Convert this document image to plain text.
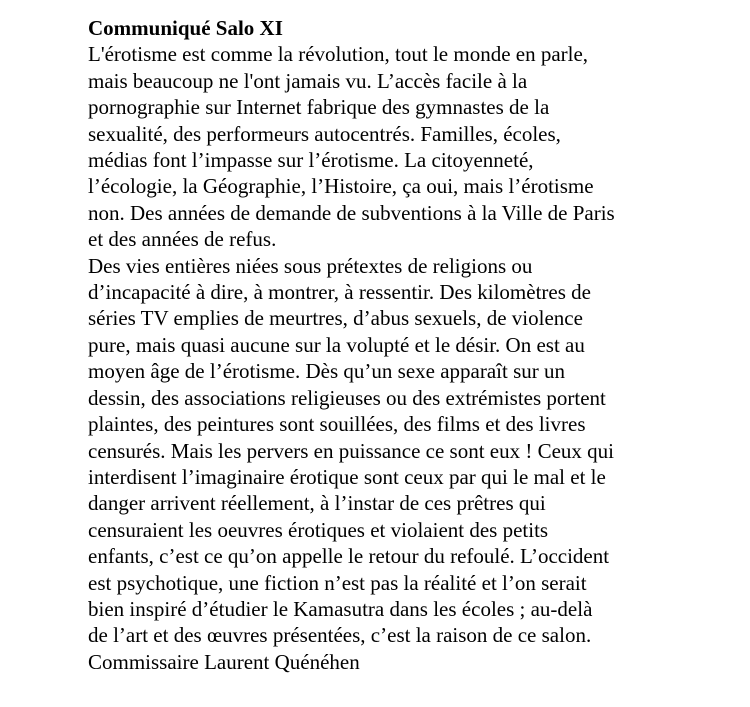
Communiqué Salo XI
L'érotisme est comme la révolution, tout le monde en parle,
mais beaucoup ne l'ont jamais vu. L’accès facile à la
pornographie sur Internet fabrique des gymnastes de la
sexualité, des performeurs autocentrés. Familles, écoles,
médias font l’impasse sur l’érotisme. La citoyenneté,
l’écologie, la Géographie, l’Histoire, ça oui, mais l’érotisme
non. Des années de demande de subventions à la Ville de Paris
et des années de refus.
Des vies entières niées sous prétextes de religions ou
d’incapacité à dire, à montrer, à ressentir. Des kilomètres de
séries TV emplies de meurtres, d’abus sexuels, de violence
pure, mais quasi aucune sur la volupté et le désir. On est au
moyen âge de l’érotisme. Dès qu’un sexe apparaît sur un
dessin, des associations religieuses ou des extrémistes portent
plaintes, des peintures sont souillées, des films et des livres
censurés. Mais les pervers en puissance ce sont eux ! Ceux qui
interdisent l’imaginaire érotique sont ceux par qui le mal et le
danger arrivent réellement, à l’instar de ces prêtres qui
censuraient les oeuvres érotiques et violaient des petits
enfants, c’est ce qu’on appelle le retour du refoulé. L’occident
est psychotique, une fiction n’est pas la réalité et l’on serait
bien inspiré d’étudier le Kamasutra dans les écoles ; au-delà
de l’art et des œuvres présentées, c’est la raison de ce salon.
Commissaire Laurent Quénéhen
